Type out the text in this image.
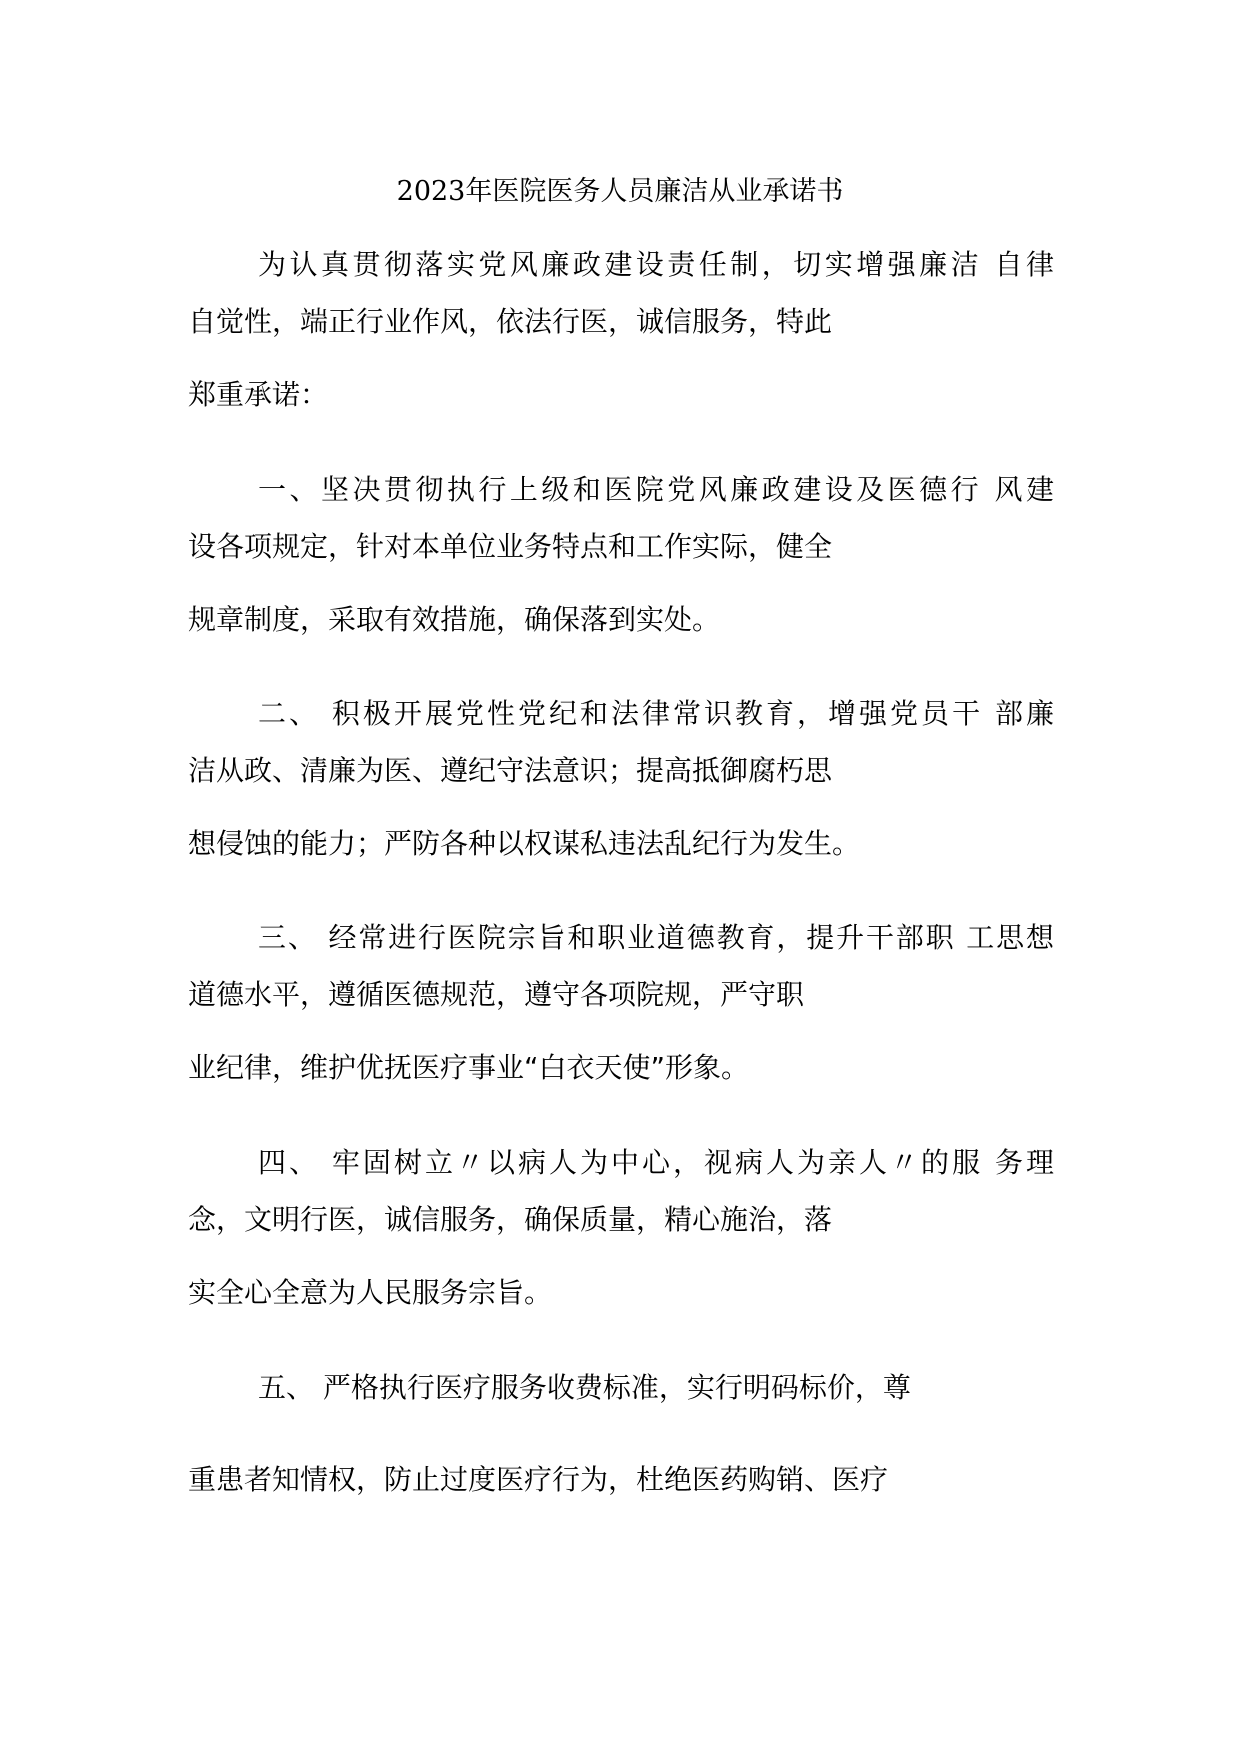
2023年医院医务人员廉洁从业承诺书
为认真贯彻落实党风廉政建设责任制，切实增强廉洁 自律
自觉性，端正行业作风，依法行医，诚信服务，特此
郑重承诺：
一、坚决贯彻执行上级和医院党风廉政建设及医德行 风建
设各项规定，针对本单位业务特点和工作实际，健全
规章制度，采取有效措施，确保落到实处。
二、 积极开展党性党纪和法律常识教育，增强党员干 部廉
洁从政、清廉为医、遵纪守法意识；提高抵御腐朽思
想侵蚀的能力；严防各种以权谋私违法乱纪行为发生。
三、 经常进行医院宗旨和职业道德教育，提升干部职 工思想
道德水平，遵循医德规范，遵守各项院规，严守职
业纪律，维护优抚医疗事业“白衣天使”形象。
四、 牢固树立〃以病人为中心，视病人为亲人〃的服 务理
念，文明行医，诚信服务，确保质量，精心施治，落
实全心全意为人民服务宗旨。
五、 严格执行医疗服务收费标准，实行明码标价，尊
重患者知情权，防止过度医疗行为，杜绝医药购销、医疗
